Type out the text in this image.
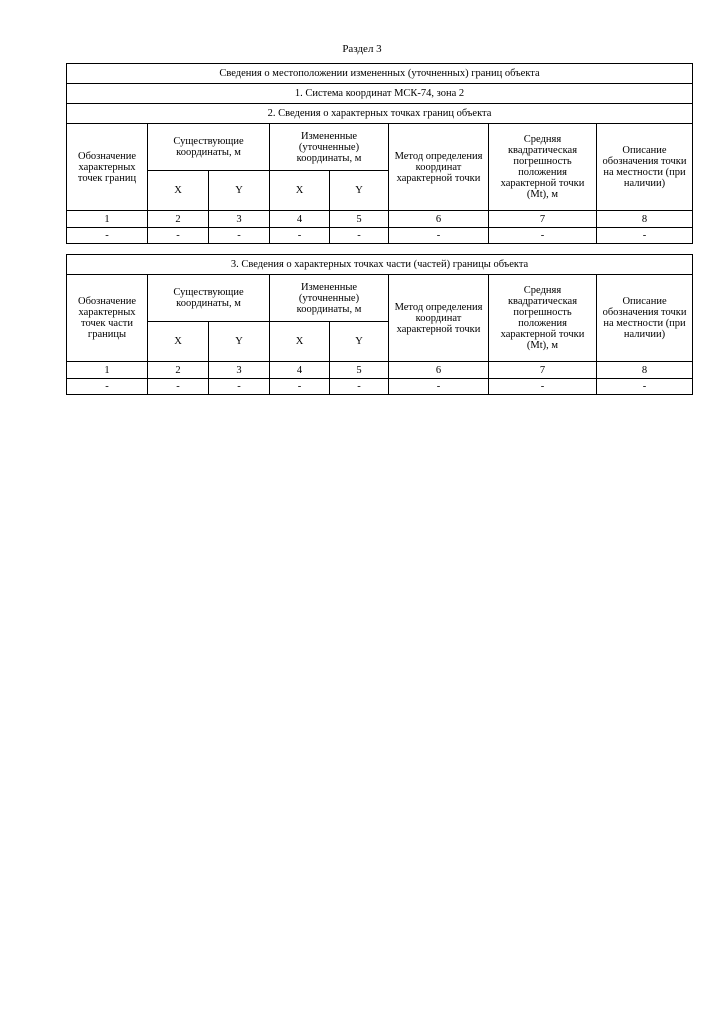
Раздел 3
Сведения о местоположении измененных (уточненных) границ объекта							
1. Система координат МСК-74, зона 2							
2. Сведения о характерных точках границ объекта							
Обозначение характерных точек границ	Существующие координаты, м		Измененные (уточненные) координаты, м		Метод определения координат характерной точки	Средняя квадратическая погрешность положения характерной точки (Mt), м	Описание обозначения точки на местности (при наличии)
	X	Y	X	Y			
1	2	3	4	5	6	7	8
-	-	-	-	-	-	-	-
3. Сведения о характерных точках части (частей) границы объекта							
Обозначение характерных точек части границы	Существующие координаты, м		Измененные (уточненные) координаты, м		Метод определения координат характерной точки	Средняя квадратическая погрешность положения характерной точки (Mt), м	Описание обозначения точки на местности (при наличии)
	X	Y	X	Y			
1	2	3	4	5	6	7	8
-	-	-	-	-	-	-	-
